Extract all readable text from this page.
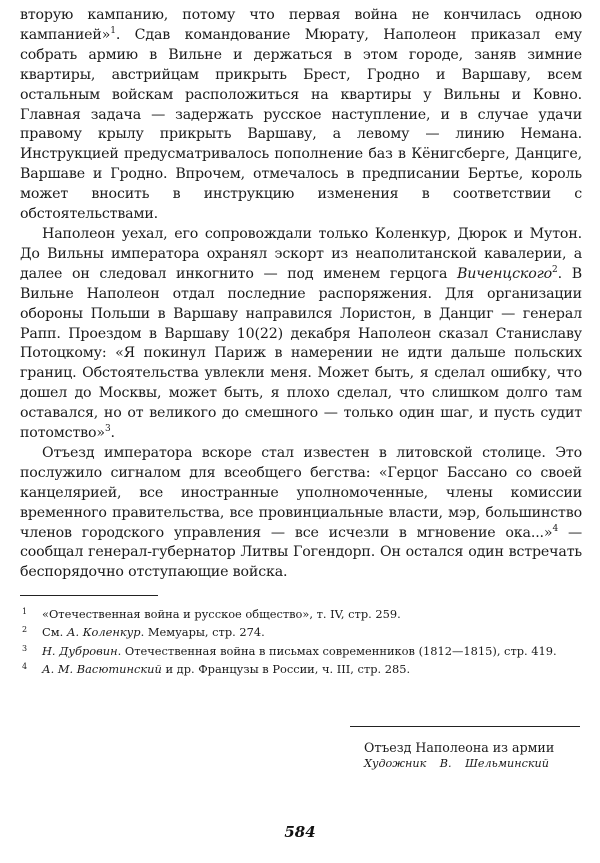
вторую кампанию, потому что первая война не кончилась одною кампанией»$^1$. Сдав командование Мюрату, Наполеон приказал ему собрать армию в Вильне и держаться в этом городе, заняв зимние квартиры, австрийцам прикрыть Брест, Гродно и Варшаву, всем остальным войскам расположиться на квартиры у Вильны и Ковно. Главная задача — задержать русское наступление, и в случае удачи правому крылу прикрыть Варшаву, а левому — линию Немана. Инструкцией предусматривалось пополнение баз в Кёнигсберге, Данциге, Варшаве и Гродно. Впрочем, отмечалось в предписании Бертье, король может вносить в инструкцию изменения в соответствии с обстоятельствами.

Наполеон уехал, его сопровождали только Коленкур, Дюрок и Мутон. До Вильны императора охранял эскорт из неаполитанской кавалерии, а далее он следовал инкогнито — под именем герцога Виченцского$^2$. В Вильне Наполеон отдал последние распоряжения. Для организации обороны Польши в Варшаву направился Лористон, в Данциг — генерал Рапп. Проездом в Варшаву 10(22) декабря Наполеон сказал Станиславу Потоцкому: «Я покинул Париж в намерении не идти дальше польских границ. Обстоятельства увлекли меня. Может быть, я сделал ошибку, что дошел до Москвы, может быть, я плохо сделал, что слишком долго там оставался, но от великого до смешного — только один шаг, и пусть судит потомство»$^3$.

Отъезд императора вскоре стал известен в литовской столице. Это послужило сигналом для всеобщего бегства: «Герцог Бассано со своей канцелярией, все иностранные уполномоченные, члены комиссии временного правительства, все провинциальные власти, мэр, большинство членов городского управления — все исчезли в мгновение ока...»$^4$ — сообщал генерал-губернатор Литвы Гогендорп. Он остался один встречать беспорядочно отступающие войска.

1 «Отечественная война и русское общество», т. IV, стр. 259.

2 См. А. Коленкур. Мемуары, стр. 274.

3 Н. Дубровин. Отечественная война в письмах современников (1812—1815), стр. 419.

4 А. М. Васютинский и др. Французы в России, ч. III, стр. 285.

Отъезд Наполеона из армии
Художник В. Шельминский
584
